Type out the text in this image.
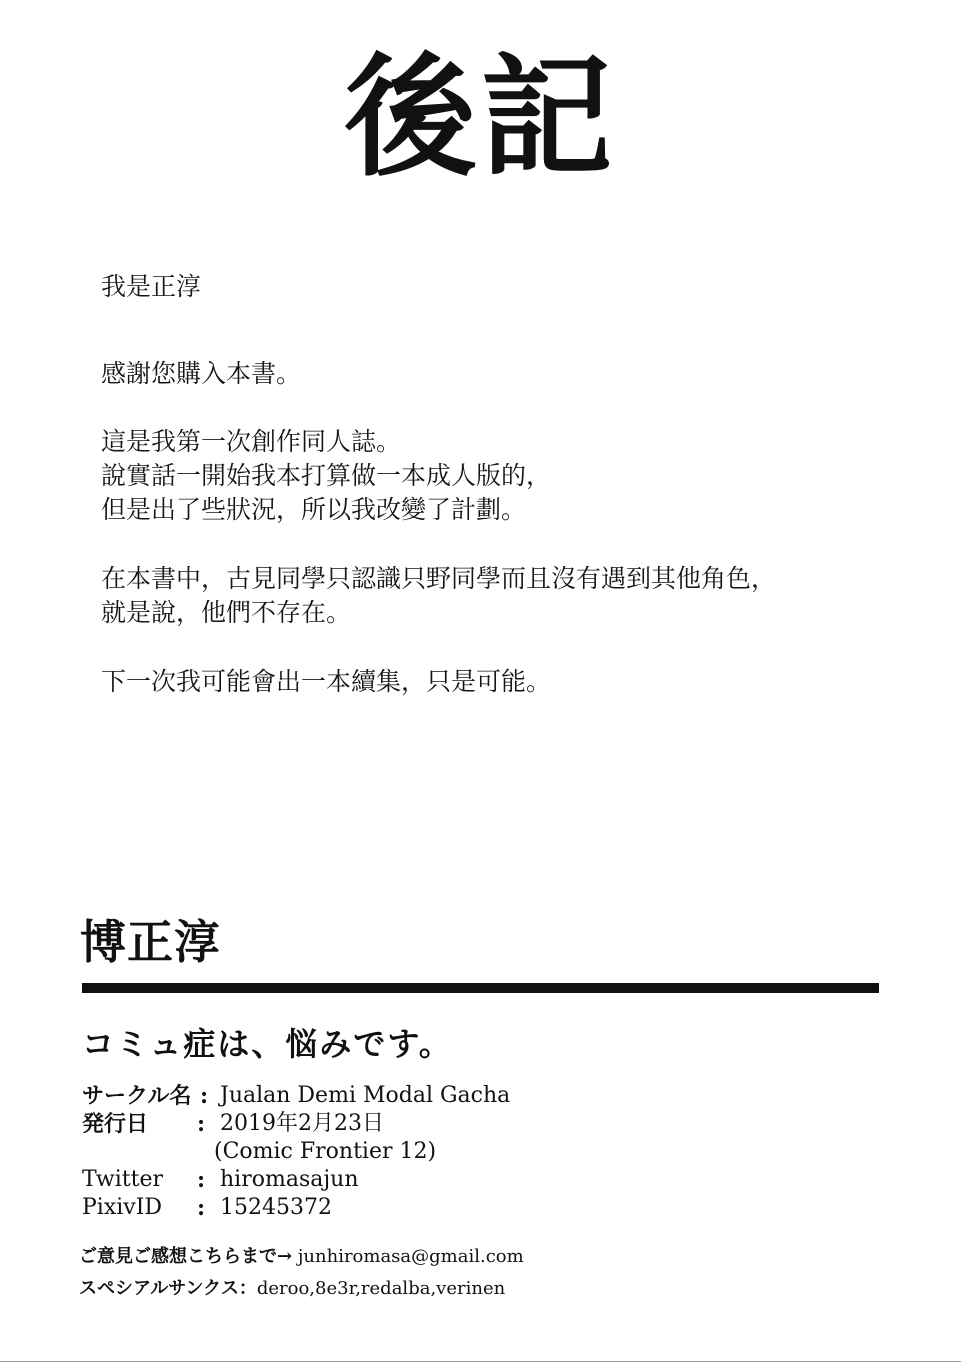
後記
我是正淳
感謝您購入本書。
這是我第一次創作同人誌。
說實話一開始我本打算做一本成人版的，
但是出了些狀況，所以我改變了計劃。
在本書中，古見同學只認識只野同學而且沒有遇到其他角色，
就是說，他們不存在。
下一次我可能會出一本續集，只是可能。
博正淳
コミュ症は、悩みです。
サークル名 : Jualan Demi Modal Gacha
発行日 : 2019年2月23日
(Comic Frontier 12)
Twitter : hiromasajun
PixivID : 15245372
ご意見ご感想こちらまで→ junhiromasa@gmail.com
スペシアルサンクス：deroo,8e3r,redalba,verinen
